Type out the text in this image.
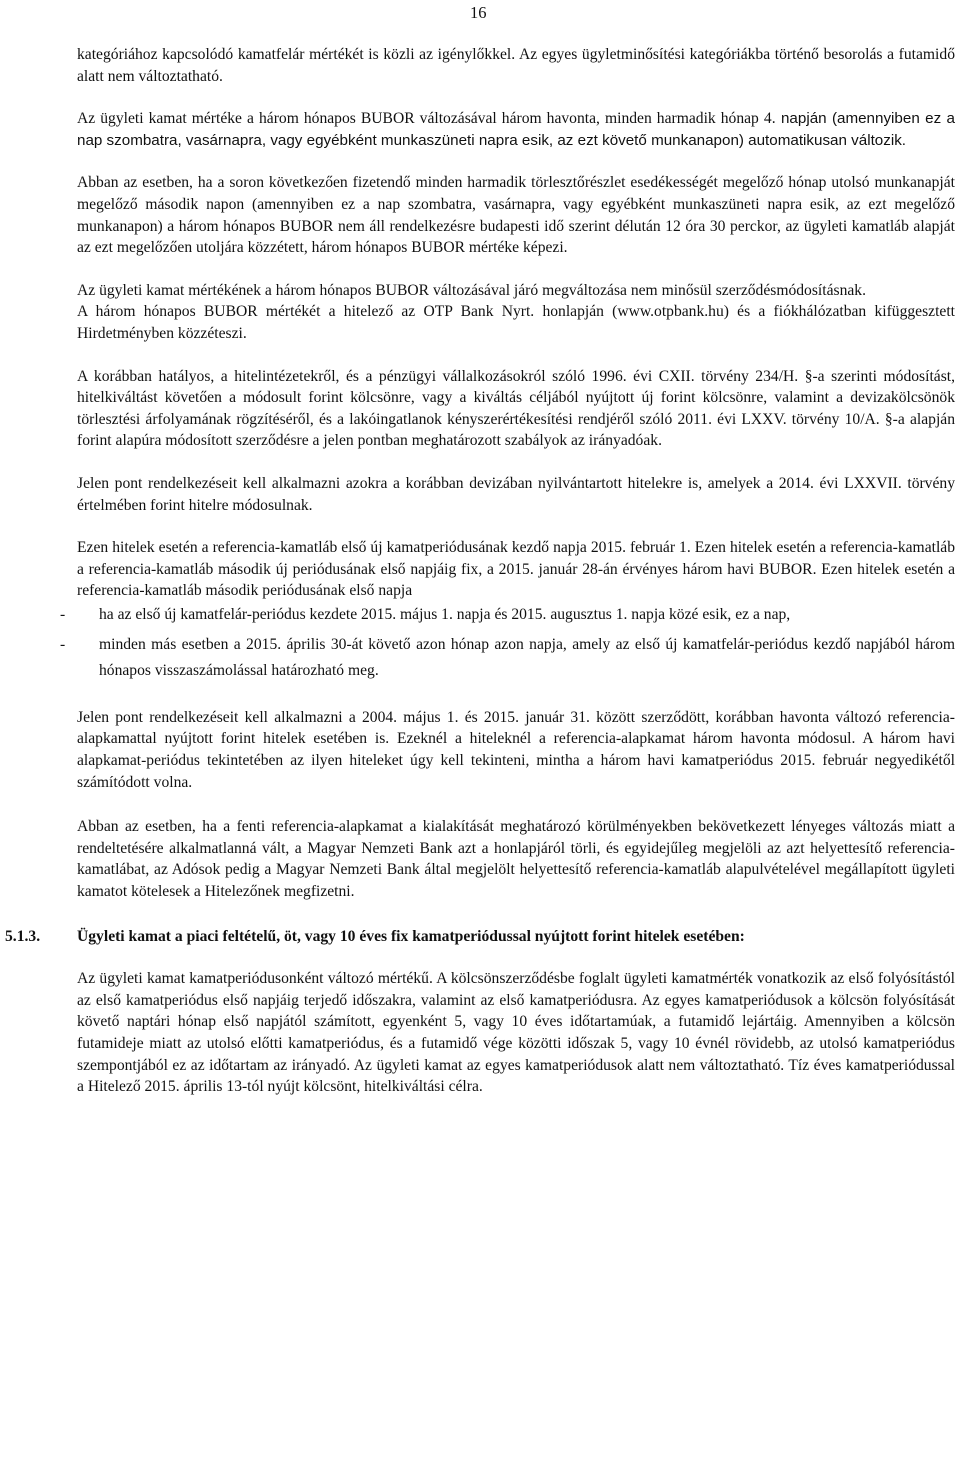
16

kategóriához kapcsolódó kamatfelár mértékét is közli az igénylőkkel. Az egyes ügyletminősítési kategóriákba történő besorolás a futamidő alatt nem változtatható.

Az ügyleti kamat mértéke a három hónapos BUBOR változásával három havonta, minden harmadik hónap 4. napján (amennyiben ez a nap szombatra, vasárnapra, vagy egyébként munkaszüneti napra esik, az ezt követő munkanapon) automatikusan változik.

Abban az esetben, ha a soron következően fizetendő minden harmadik törlesztőrészlet esedékességét megelőző hónap utolsó munkanapját megelőző második napon (amennyiben ez a nap szombatra, vasárnapra, vagy egyébként munkaszüneti napra esik, az ezt megelőző munkanapon) a három hónapos BUBOR nem áll rendelkezésre budapesti idő szerint délután 12 óra 30 perckor, az ügyleti kamatláb alapját az ezt megelőzően utoljára közzétett, három hónapos BUBOR mértéke képezi.

Az ügyleti kamat mértékének a három hónapos BUBOR változásával járó megváltozása nem minősül szerződésmódosításnak.

A három hónapos BUBOR mértékét a hitelező az OTP Bank Nyrt. honlapján (www.otpbank.hu) és a fiókhálózatban kifüggesztett Hirdetményben közzéteszi.

A korábban hatályos, a hitelintézetekről, és a pénzügyi vállalkozásokról szóló 1996. évi CXII. törvény 234/H. §-a szerinti módosítást, hitelkiváltást követően a módosult forint kölcsönre, vagy a kiváltás céljából nyújtott új forint kölcsönre, valamint a devizakölcsönök törlesztési árfolyamának rögzítéséről, és a lakóingatlanok kényszerértékesítési rendjéről szóló 2011. évi LXXV. törvény 10/A. §-a alapján forint alapúra módosított szerződésre a jelen pontban meghatározott szabályok az irányadóak.

Jelen pont rendelkezéseit kell alkalmazni azokra a korábban devizában nyilvántartott hitelekre is, amelyek a 2014. évi LXXVII. törvény értelmében forint hitelre módosulnak.

Ezen hitelek esetén a referencia-kamatláb első új kamatperiódusának kezdő napja 2015. február 1. Ezen hitelek esetén a referencia-kamatláb a referencia-kamatláb második új periódusának első napjáig fix, a 2015. január 28-án érvényes három havi BUBOR. Ezen hitelek esetén a referencia-kamatláb második periódusának első napja

- ha az első új kamatfelár-periódus kezdete 2015. május 1. napja és 2015. augusztus 1. napja közé esik, ez a nap,
- minden más esetben a 2015. április 30-át követő azon hónap azon napja, amely az első új kamatfelár-periódus kezdő napjából három hónapos visszaszámolással határozható meg.

Jelen pont rendelkezéseit kell alkalmazni a 2004. május 1. és 2015. január 31. között szerződött, korábban havonta változó referencia-alapkamattal nyújtott forint hitelek esetében is. Ezeknél a hiteleknél a referencia-alapkamat három havonta módosul. A három havi alapkamat-periódus tekintetében az ilyen hiteleket úgy kell tekinteni, mintha a három havi kamatperiódus 2015. február negyedikétől számítódott volna.

Abban az esetben, ha a fenti referencia-alapkamat a kialakítását meghatározó körülményekben bekövetkezett lényeges változás miatt a rendeltetésére alkalmatlanná vált, a Magyar Nemzeti Bank azt a honlapjáról törli, és egyidejűleg megjelöli az azt helyettesítő referencia-kamatlábat, az Adósok pedig a Magyar Nemzeti Bank által megjelölt helyettesítő referencia-kamatláb alapulvételével megállapított ügyleti kamatot kötelesek a Hitelezőnek megfizetni.

5.1.3. Ügyleti kamat a piaci feltételű, öt, vagy 10 éves fix kamatperiódussal nyújtott forint hitelek esetében:

Az ügyleti kamat kamatperiódusonként változó mértékű. A kölcsönszerződésbe foglalt ügyleti kamatmérték vonatkozik az első folyósítástól az első kamatperiódus első napjáig terjedő időszakra, valamint az első kamatperiódusra. Az egyes kamatperiódusok a kölcsön folyósítását követő naptári hónap első napjától számított, egyenként 5, vagy 10 éves időtartamúak, a futamidő lejártáig. Amennyiben a kölcsön futamideje miatt az utolsó előtti kamatperiódus, és a futamidő vége közötti időszak 5, vagy 10 évnél rövidebb, az utolsó kamatperiódus szempontjából ez az időtartam az irányadó. Az ügyleti kamat az egyes kamatperiódusok alatt nem változtatható. Tíz éves kamatperiódussal a Hitelező 2015. április 13-tól nyújt kölcsönt, hitelkiváltási célra.
